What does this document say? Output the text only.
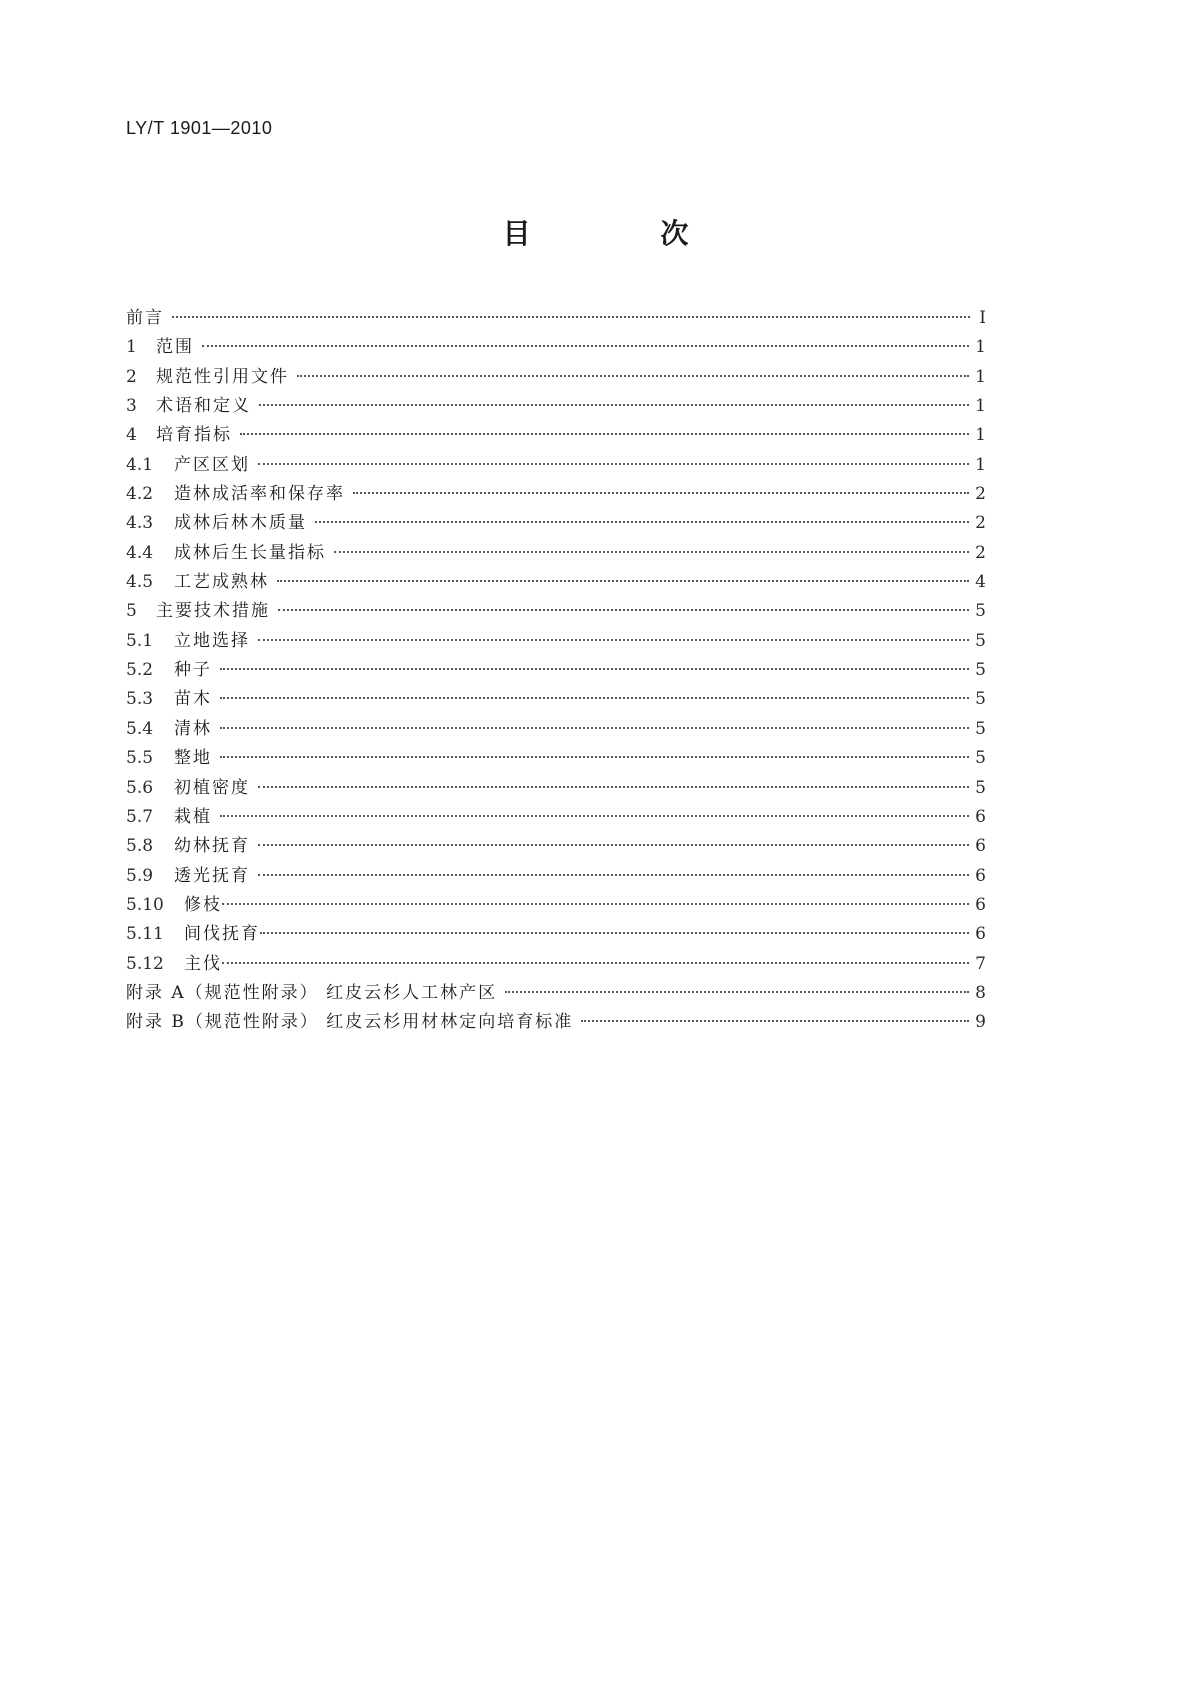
LY/T 1901—2010
目 次
前言	Ⅰ
1	范围	1
2	规范性引用文件	1
3	术语和定义	1
4	培育指标	1
4.1	产区区划	1
4.2	造林成活率和保存率	2
4.3	成林后林木质量	2
4.4	成林后生长量指标	2
4.5	工艺成熟林	4
5	主要技术措施	5
5.1	立地选择	5
5.2	种子	5
5.3	苗木	5
5.4	清林	5
5.5	整地	5
5.6	初植密度	5
5.7	栽植	6
5.8	幼林抚育	6
5.9	透光抚育	6
5.10	修枝	6
5.11	间伐抚育	6
5.12	主伐	7
附录 A（规范性附录） 红皮云杉人工林产区	8
附录 B（规范性附录） 红皮云杉用材林定向培育标准	9
